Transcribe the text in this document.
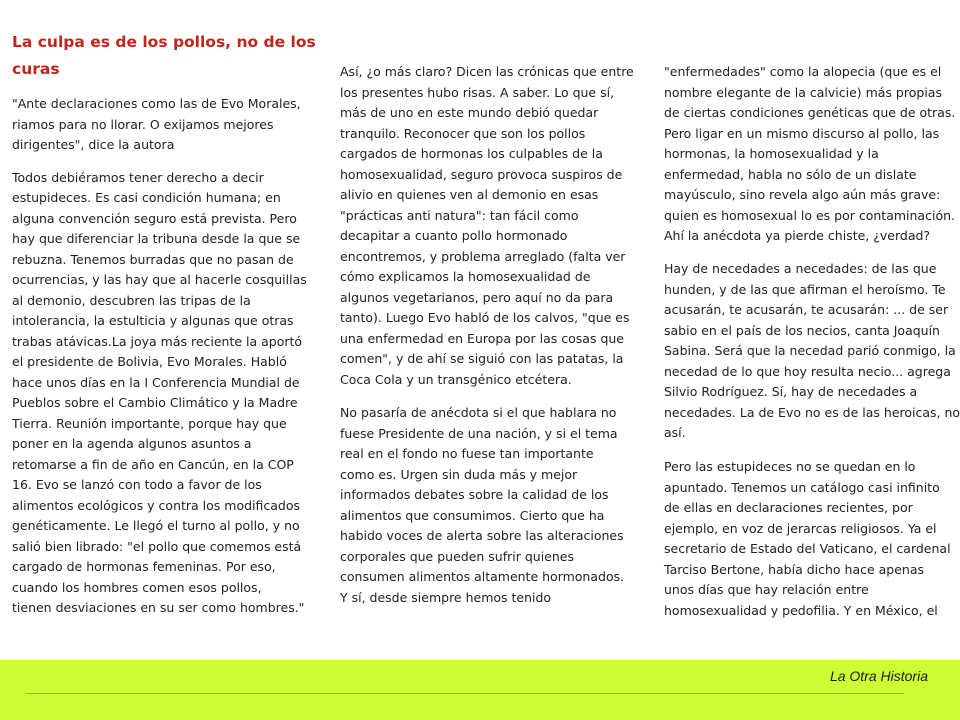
La culpa es de los pollos, no de los
curas
"Ante declaraciones como las de Evo Morales,
riamos para no llorar. O exijamos mejores
dirigentes", dice la autora
Todos debiéramos tener derecho a decir
estupideces. Es casi condición humana; en
alguna convención seguro está prevista. Pero
hay que diferenciar la tribuna desde la que se
rebuzna. Tenemos burradas que no pasan de
ocurrencias, y las hay que al hacerle cosquillas
al demonio, descubren las tripas de la
intolerancia, la estulticia y algunas que otras
trabas atávicas.La joya más reciente la aportó
el presidente de Bolivia, Evo Morales. Habló
hace unos días en la I Conferencia Mundial de
Pueblos sobre el Cambio Climático y la Madre
Tierra. Reunión importante, porque hay que
poner en la agenda algunos asuntos a
retomarse a fin de año en Cancún, en la COP
16. Evo se lanzó con todo a favor de los
alimentos ecológicos y contra los modificados
genéticamente. Le llegó el turno al pollo, y no
salió bien librado: "el pollo que comemos está
cargado de hormonas femeninas. Por eso,
cuando los hombres comen esos pollos,
tienen desviaciones en su ser como hombres."
Así, ¿o más claro? Dicen las crónicas que entre
los presentes hubo risas. A saber. Lo que sí,
más de uno en este mundo debió quedar
tranquilo. Reconocer que son los pollos
cargados de hormonas los culpables de la
homosexualidad, seguro provoca suspiros de
alivio en quienes ven al demonio en esas
"prácticas anti natura": tan fácil como
decapitar a cuanto pollo hormonado
encontremos, y problema arreglado (falta ver
cómo explicamos la homosexualidad de
algunos vegetarianos, pero aquí no da para
tanto). Luego Evo habló de los calvos, "que es
una enfermedad en Europa por las cosas que
comen", y de ahí se siguió con las patatas, la
Coca Cola y un transgénico etcétera.
No pasaría de anécdota si el que hablara no
fuese Presidente de una nación, y si el tema
real en el fondo no fuese tan importante
como es. Urgen sin duda más y mejor
informados debates sobre la calidad de los
alimentos que consumimos. Cierto que ha
habido voces de alerta sobre las alteraciones
corporales que pueden sufrir quienes
consumen alimentos altamente hormonados.
Y sí, desde siempre hemos tenido
"enfermedades" como la alopecia (que es el
nombre elegante de la calvicie) más propias
de ciertas condiciones genéticas que de otras.
Pero ligar en un mismo discurso al pollo, las
hormonas, la homosexualidad y la
enfermedad, habla no sólo de un dislate
mayúsculo, sino revela algo aún más grave:
quien es homosexual lo es por contaminación.
Ahí la anécdota ya pierde chiste, ¿verdad?
Hay de necedades a necedades: de las que
hunden, y de las que afirman el heroísmo. Te
acusarán, te acusarán, te acusarán: ... de ser
sabio en el país de los necios, canta Joaquín
Sabina. Será que la necedad parió conmigo, la
necedad de lo que hoy resulta necio... agrega
Silvio Rodríguez. Sí, hay de necedades a
necedades. La de Evo no es de las heroicas, no
así.
Pero las estupideces no se quedan en lo
apuntado. Tenemos un catálogo casi infinito
de ellas en declaraciones recientes, por
ejemplo, en voz de jerarcas religiosos. Ya el
secretario de Estado del Vaticano, el cardenal
Tarciso Bertone, había dicho hace apenas
unos días que hay relación entre
homosexualidad y pedofilia. Y en México, el
La Otra Historia
